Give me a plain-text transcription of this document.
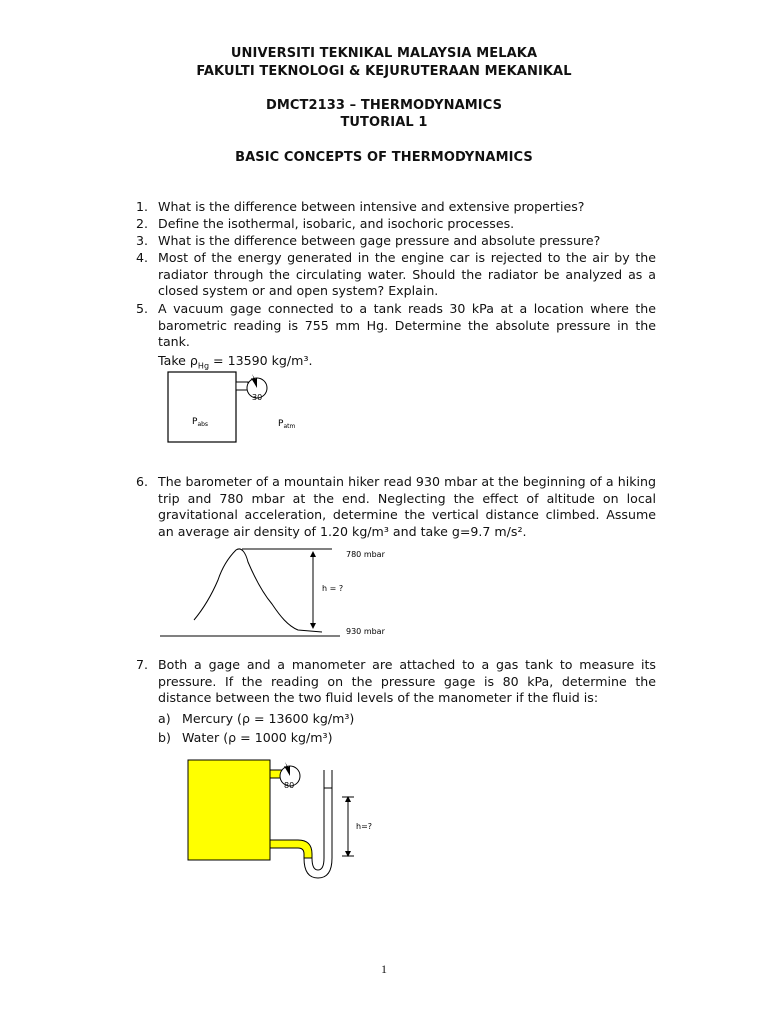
UNIVERSITI TEKNIKAL MALAYSIA MELAKA
FAKULTI TEKNOLOGI & KEJURUTERAAN MEKANIKAL
DMCT2133 – THERMODYNAMICS
TUTORIAL 1
BASIC CONCEPTS OF THERMODYNAMICS
1. What is the difference between intensive and extensive properties?
2. Define the isothermal, isobaric, and isochoric processes.
3. What is the difference between gage pressure and absolute pressure?
4. Most of the energy generated in the engine car is rejected to the air by the radiator through the circulating water. Should the radiator be analyzed as a closed system or and open system? Explain.
5. A vacuum gage connected to a tank reads 30 kPa at a location where the barometric reading is 755 mm Hg. Determine the absolute pressure in the tank.
Take $\rho_{Hg} = 13590$ kg/m³.
30
$P_{abs}$	$P_{atm}$
6. The barometer of a mountain hiker read 930 mbar at the beginning of a hiking trip and 780 mbar at the end. Neglecting the effect of altitude on local gravitational acceleration, determine the vertical distance climbed. Assume an average air density of 1.20 kg/m³ and take g=9.7 m/s².
780 mbar
h = ?
930 mbar
7. Both a gage and a manometer are attached to a gas tank to measure its pressure. If the reading on the pressure gage is 80 kPa, determine the distance between the two fluid levels of the manometer if the fluid is:
a) Mercury (ρ = 13600 kg/m³)
b) Water (ρ = 1000 kg/m³)
80
h=?
1
